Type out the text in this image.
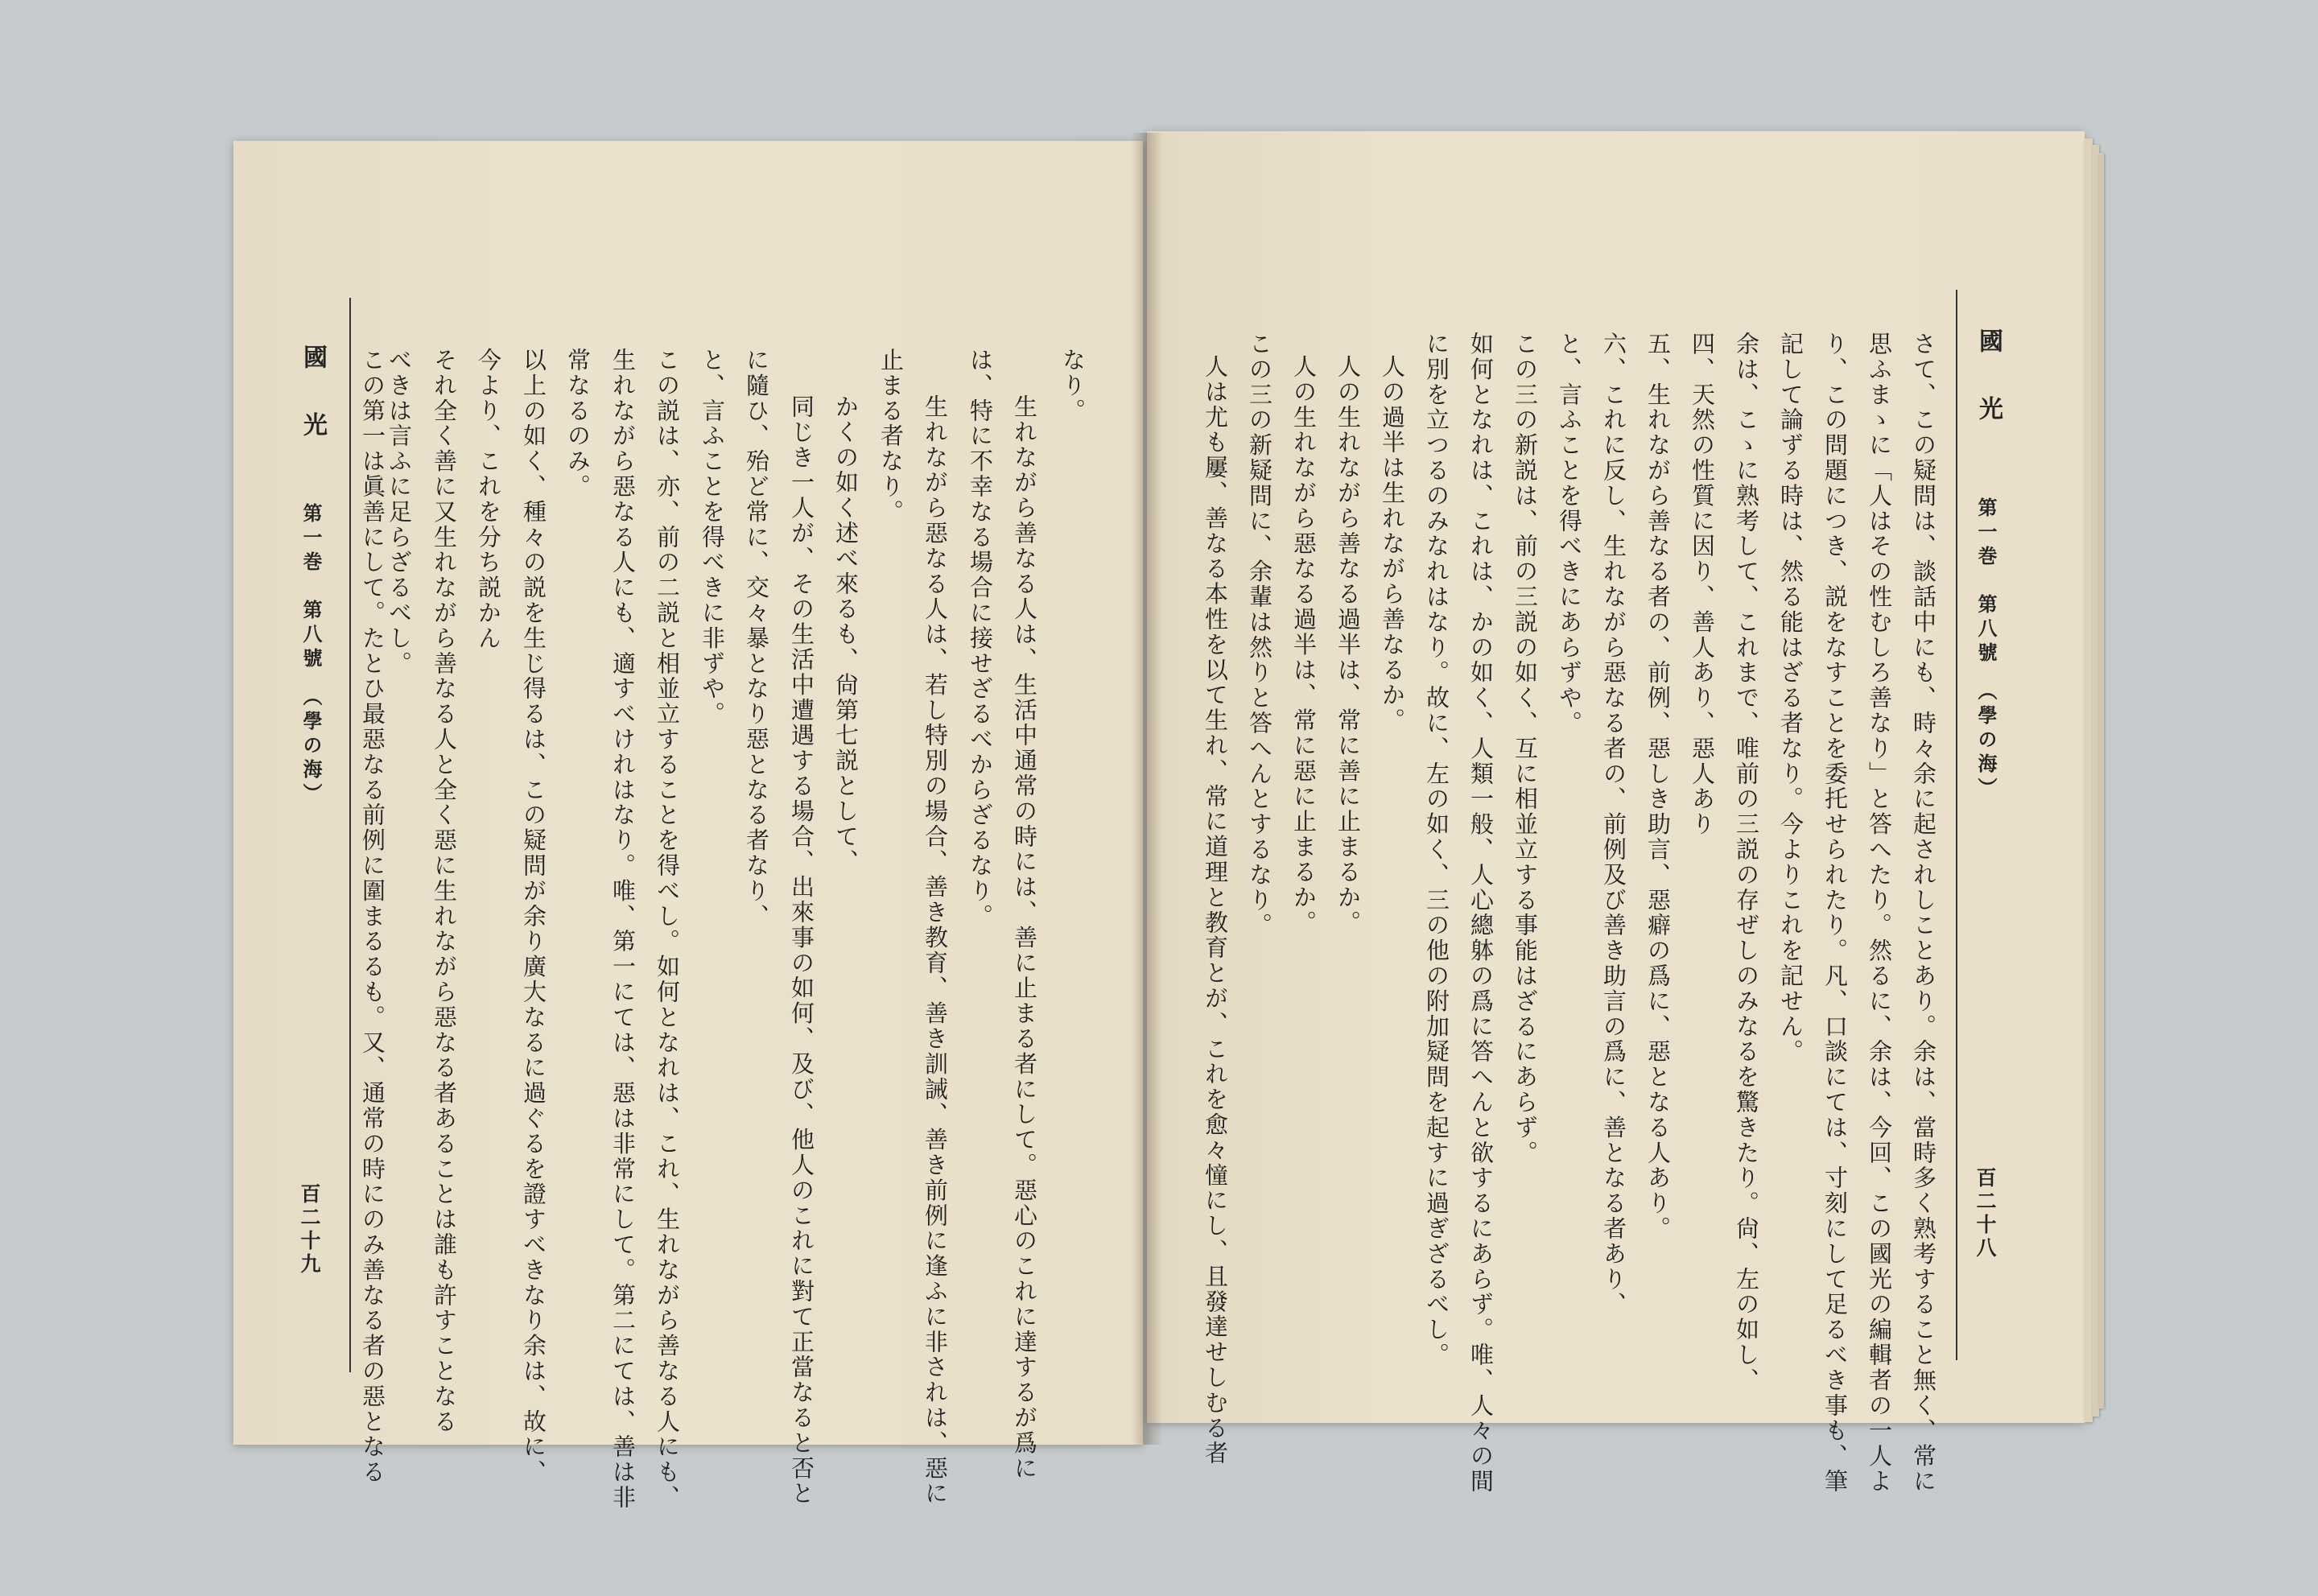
國光
第一巻　第八號　（學の海）
百二十九
國光
第一巻　第八號　（學の海）
百二十八
なり。
生れながら善なる人は、生活中通常の時には、善に止まる者にして。惡心のこれに達するが爲に
は、特に不幸なる場合に接せざるべからざるなり。
生れながら惡なる人は、若し特別の場合、善き教育、善き訓誡、善き前例に逢ふに非されは、惡に
止まる者なり。
かくの如く述べ來るも、尙第七説として、
同じき一人が、その生活中遭遇する場合、出來事の如何、及び、他人のこれに對て正當なると否と
に隨ひ、殆ど常に、交々暴となり惡となる者なり、
と、言ふことを得べきに非ずや。
この説は、亦、前の二説と相並立することを得べし。如何となれは、これ、生れながら善なる人にも、
生れながら惡なる人にも、適すべけれはなり。唯、第一にては、惡は非常にして。第二にては、善は非
常なるのみ。
以上の如く、種々の説を生じ得るは、この疑問が余り廣大なるに過ぐるを證すべきなり余は、故に、
今より、これを分ち説かん
それ全く善に又生れながら善なる人と全く惡に生れながら惡なる者あることは誰も許すことなる
べきは言ふに足らざるべし。
この第一は眞善にして。たとひ最惡なる前例に圍まるるも。又、通常の時にのみ善なる者の惡となる	さて、この疑問は、談話中にも、時々余に起されしことあり。余は、當時多く熟考すること無く、常に
思ふまゝに「人はその性むしろ善なり」と答へたり。然るに、余は、今回、この國光の編輯者の一人よ
り、この問題につき、説をなすことを委托せられたり。凡、口談にては、寸刻にして足るべき事も、筆
記して論ずる時は、然る能はざる者なり。今よりこれを記せん。
余は、こゝに熟考して、これまで、唯前の三説の存ぜしのみなるを驚きたり。尙、左の如し、
四、天然の性質に因り、善人あり、惡人あり
五、生れながら善なる者の、前例、惡しき助言、惡癖の爲に、惡となる人あり。
六、これに反し、生れながら惡なる者の、前例及び善き助言の爲に、善となる者あり、
と、言ふことを得べきにあらずや。
この三の新説は、前の三説の如く、互に相並立する事能はざるにあらず。
如何となれは、これは、かの如く、人類一般、人心總躰の爲に答へんと欲するにあらず。唯、人々の間
に別を立つるのみなれはなり。故に、左の如く、三の他の附加疑問を起すに過ぎざるべし。
人の過半は生れながら善なるか。
人の生れながら善なる過半は、常に善に止まるか。
人の生れながら惡なる過半は、常に惡に止まるか。
この三の新疑問に、余輩は然りと答へんとするなり。
人は尤も屢、善なる本性を以て生れ、常に道理と教育とが、これを愈々憧にし、且發達せしむる者
